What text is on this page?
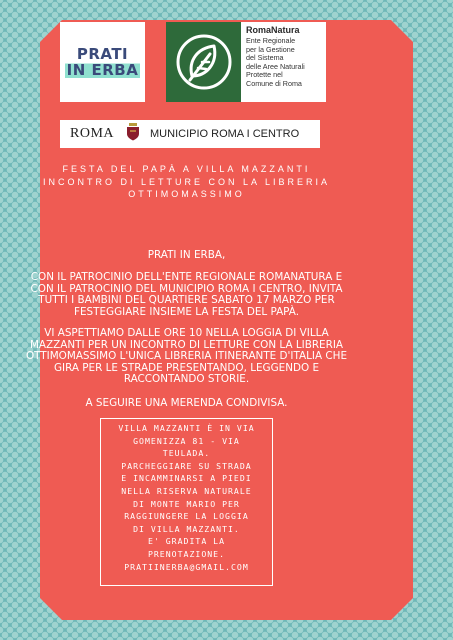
PRATI
IN ERBA
RomaNatura
Ente Regionale
per la Gestione
del Sistema
delle Aree Naturali
Protette nel
Comune di Roma
ROMA	MUNICIPIO ROMA I CENTRO
FESTA DEL PAPÀ A VILLA MAZZANTI
INCONTRO DI LETTURE CON LA LIBRERIA
OTTIMOMASSIMO
PRATI IN ERBA,
CON IL PATROCINIO DELL'ENTE REGIONALE ROMANATURA E CON IL PATROCINIO DEL MUNICIPIO ROMA I CENTRO, INVITA TUTTI I BAMBINI DEL QUARTIERE SABATO 17 MARZO PER FESTEGGIARE INSIEME LA FESTA DEL PAPÀ.
VI ASPETTIAMO DALLE ORE 10 NELLA LOGGIA DI VILLA MAZZANTI PER UN INCONTRO DI LETTURE CON LA LIBRERIA OTTIMOMASSIMO L'UNICA LIBRERIA ITINERANTE D'ITALIA CHE GIRA PER LE STRADE PRESENTANDO, LEGGENDO E RACCONTANDO STORIE.
A SEGUIRE UNA MERENDA CONDIVISA.
VILLA MAZZANTI È IN VIA
GOMENIZZA 81 - VIA
TEULADA.
PARCHEGGIARE SU STRADA
E INCAMMINARSI A PIEDI
NELLA RISERVA NATURALE
DI MONTE MARIO PER
RAGGIUNGERE LA LOGGIA
DI VILLA MAZZANTI.
E' GRADITA LA
PRENOTAZIONE.
PRATIINERBA@GMAIL.COM
